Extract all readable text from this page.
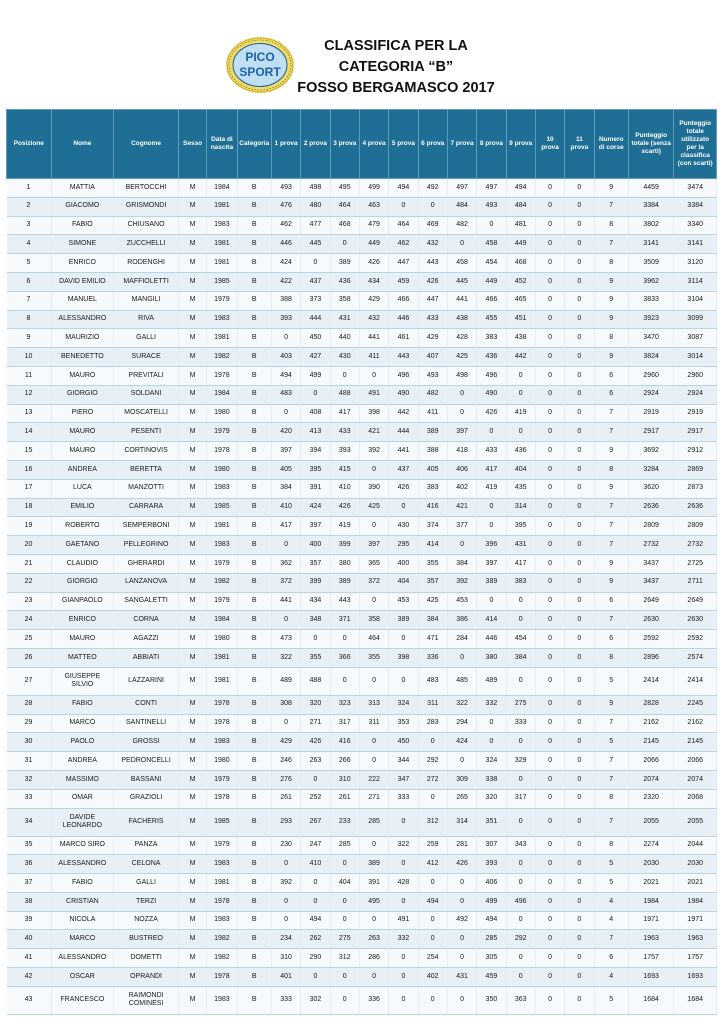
PICO
SPORT
CLASSIFICA PER LA
CATEGORIA “B”
FOSSO BERGAMASCO 2017
Posizione	Nome	Cognome	Sesso	Data di nascita	Categoria	1 prova	2 prova	3 prova	4 prova	5 prova	6 prova	7 prova	8 prova	9 prova	10 prova	11 prova	Numero di corse	Punteggio totale (senza scarti)	Punteggio totale utilizzato per la classifica (con scarti)
1	MATTIA	BERTOCCHI	M	1984	B	493	498	495	499	494	492	497	497	494	0	0	9	4459	3474
2	GIACOMO	GRISMONDI	M	1981	B	476	480	464	463	0	0	484	493	484	0	0	7	3384	3384
3	FABIO	CHIUSANO	M	1983	B	462	477	468	479	464	469	482	0	481	0	0	8	3802	3340
4	SIMONE	ZUCCHELLI	M	1981	B	446	445	0	449	462	432	0	458	449	0	0	7	3141	3141
5	ENRICO	RODENGHI	M	1981	B	424	0	389	426	447	443	458	454	468	0	0	8	3509	3120
6	DAVID EMILIO	MAFFIOLETTI	M	1985	B	422	437	436	434	459	426	445	449	452	0	0	9	3962	3114
7	MANUEL	MANGILI	M	1979	B	388	373	358	429	466	447	441	466	465	0	0	9	3833	3104
8	ALESSANDRO	RIVA	M	1983	B	393	444	431	432	446	433	438	455	451	0	0	9	3923	3099
9	MAURIZIO	GALLI	M	1981	B	0	450	440	441	461	429	428	383	438	0	0	8	3470	3087
10	BENEDETTO	SURACE	M	1982	B	403	427	430	411	443	407	425	436	442	0	0	9	3824	3014
11	MAURO	PREVITALI	M	1978	B	494	499	0	0	496	493	498	496	0	0	0	6	2960	2960
12	GIORGIO	SOLDANI	M	1984	B	483	0	488	491	490	482	0	490	0	0	0	6	2924	2924
13	PIERO	MOSCATELLI	M	1980	B	0	408	417	398	442	411	0	426	419	0	0	7	2919	2919
14	MAURO	PESENTI	M	1979	B	420	413	433	421	444	389	397	0	0	0	0	7	2917	2917
15	MAURO	CORTINOVIS	M	1978	B	397	394	393	392	441	388	418	433	436	0	0	9	3692	2912
16	ANDREA	BERETTA	M	1980	B	405	395	415	0	437	405	406	417	404	0	0	8	3284	2869
17	LUCA	MANZOTTI	M	1983	B	384	391	410	390	426	383	402	419	435	0	0	9	3620	2873
18	EMILIO	CARRARA	M	1985	B	410	424	426	425	0	416	421	0	314	0	0	7	2636	2636
19	ROBERTO	SEMPERBONI	M	1981	B	417	397	419	0	430	374	377	0	395	0	0	7	2809	2809
20	GAETANO	PELLEGRINO	M	1983	B	0	400	399	397	295	414	0	396	431	0	0	7	2732	2732
21	CLAUDIO	GHERARDI	M	1979	B	362	357	380	365	400	355	384	397	417	0	0	9	3437	2725
22	GIORGIO	LANZANOVA	M	1982	B	372	399	389	372	404	357	392	389	383	0	0	9	3437	2711
23	GIANPAOLO	SANGALETTI	M	1979	B	441	434	443	0	453	425	453	0	0	0	0	6	2649	2649
24	ENRICO	CORNA	M	1984	B	0	348	371	358	389	384	386	414	0	0	0	7	2630	2630
25	MAURO	AGAZZI	M	1980	B	473	0	0	464	0	471	284	446	454	0	0	6	2592	2592
26	MATTEO	ABBIATI	M	1981	B	322	355	366	355	398	336	0	380	384	0	0	8	2896	2574
27	GIUSEPPE SILVIO	LAZZARINI	M	1981	B	489	488	0	0	0	483	485	489	0	0	0	5	2414	2414
28	FABIO	CONTI	M	1978	B	308	320	323	313	324	311	322	332	275	0	0	9	2828	2245
29	MARCO	SANTINELLI	M	1978	B	0	271	317	311	353	283	294	0	333	0	0	7	2162	2162
30	PAOLO	GROSSI	M	1983	B	429	426	416	0	450	0	424	0	0	0	0	5	2145	2145
31	ANDREA	PEDRONCELLI	M	1980	B	246	263	266	0	344	292	0	324	329	0	0	7	2066	2066
32	MASSIMO	BASSANI	M	1979	B	276	0	310	222	347	272	309	338	0	0	0	7	2074	2074
33	OMAR	GRAZIOLI	M	1978	B	261	252	261	271	333	0	265	320	317	0	0	8	2320	2068
34	DAVIDE LEONARDO	FACHERIS	M	1985	B	293	267	233	285	0	312	314	351	0	0	0	7	2055	2055
35	MARCO SIRO	PANZA	M	1979	B	230	247	285	0	322	259	281	307	343	0	0	8	2274	2044
36	ALESSANDRO	CELONA	M	1983	B	0	410	0	389	0	412	426	393	0	0	0	5	2030	2030
37	FABIO	GALLI	M	1981	B	392	0	404	391	428	0	0	406	0	0	0	5	2021	2021
38	CRISTIAN	TERZI	M	1978	B	0	0	0	495	0	494	0	499	496	0	0	4	1984	1984
39	NICOLA	NOZZA	M	1983	B	0	494	0	0	491	0	492	494	0	0	0	4	1971	1971
40	MARCO	BUSTREO	M	1982	B	234	262	275	263	332	0	0	285	292	0	0	7	1963	1963
41	ALESSANDRO	DOMETTI	M	1982	B	310	290	312	286	0	254	0	305	0	0	0	6	1757	1757
42	OSCAR	OPRANDI	M	1978	B	401	0	0	0	0	402	431	459	0	0	0	4	1693	1693
43	FRANCESCO	RAIMONDI COMINESI	M	1983	B	333	302	0	336	0	0	0	350	363	0	0	5	1684	1684
